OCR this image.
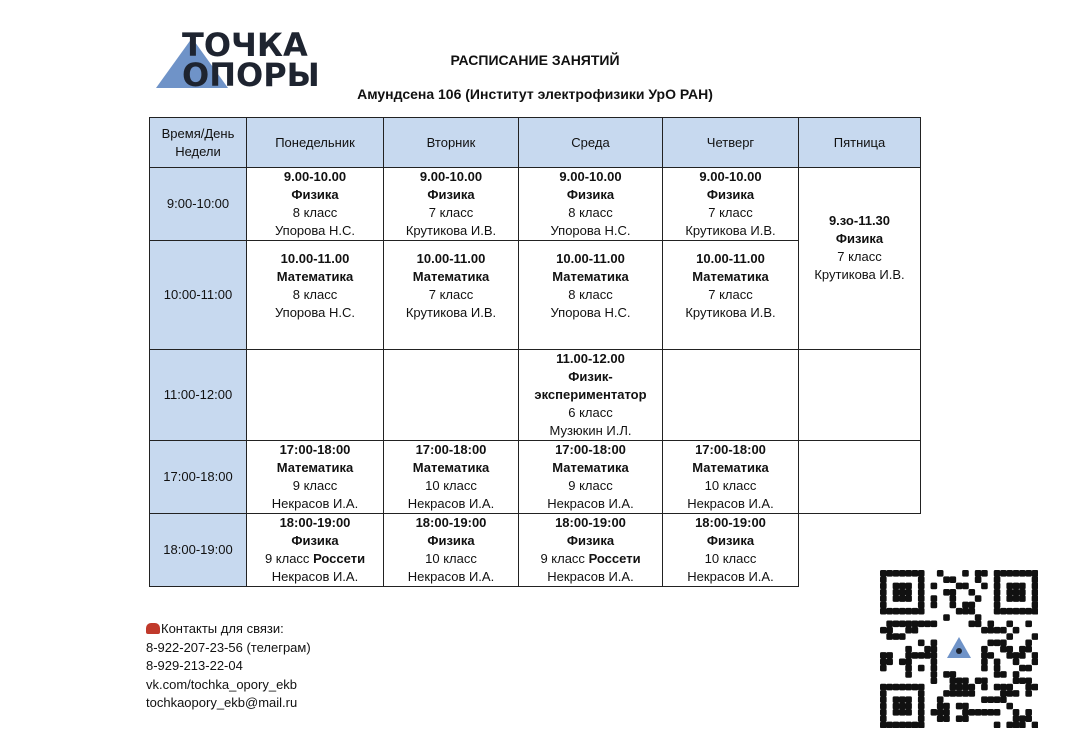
ТОЧКА
ОПОРЫ	РАСПИСАНИЕ ЗАНЯТИЙ
Амундсена 106 (Институт электрофизики УрО РАН)
Время/День Недели	Понедельник	Вторник	Среда	Четверг	Пятница
9:00-10:00	9.00-10.00
Физика
8 класс
Упорова Н.С.	9.00-10.00
Физика
7 класс
Крутикова И.В.	9.00-10.00
Физика
8 класс
Упорова Н.С.	9.00-10.00
Физика
7 класс
Крутикова И.В.	9.зо-11.30
Физика
7 класс
Крутикова И.В.

10:00-11:00	10.00-11.00
Математика
8 класс
Упорова Н.С.	10.00-11.00
Математика
7 класс
Крутикова И.В.	10.00-11.00
Математика
8 класс
Упорова Н.С.	10.00-11.00
Математика
7 класс
Крутикова И.В.	

11:00-12:00			11.00-12.00
Физик-экспериментатор
6 класс
Музюкин И.Л.		

17:00-18:00	17:00-18:00
Математика
9 класс
Некрасов И.А.	17:00-18:00
Математика
10 класс
Некрасов И.А.	17:00-18:00
Математика
9 класс
Некрасов И.А.	17:00-18:00
Математика
10 класс
Некрасов И.А.	

18:00-19:00	18:00-19:00
Физика
9 класс Россети
Некрасов И.А.	18:00-19:00
Физика
10 класс
Некрасов И.А.	18:00-19:00
Физика
9 класс Россети
Некрасов И.А.	18:00-19:00
Физика
10 класс
Некрасов И.А.	

Контакты для связи:
8-922-207-23-56 (телеграм)
8-929-213-22-04
vk.com/tochka_opory_ekb
tochkaopory_ekb@mail.ru
